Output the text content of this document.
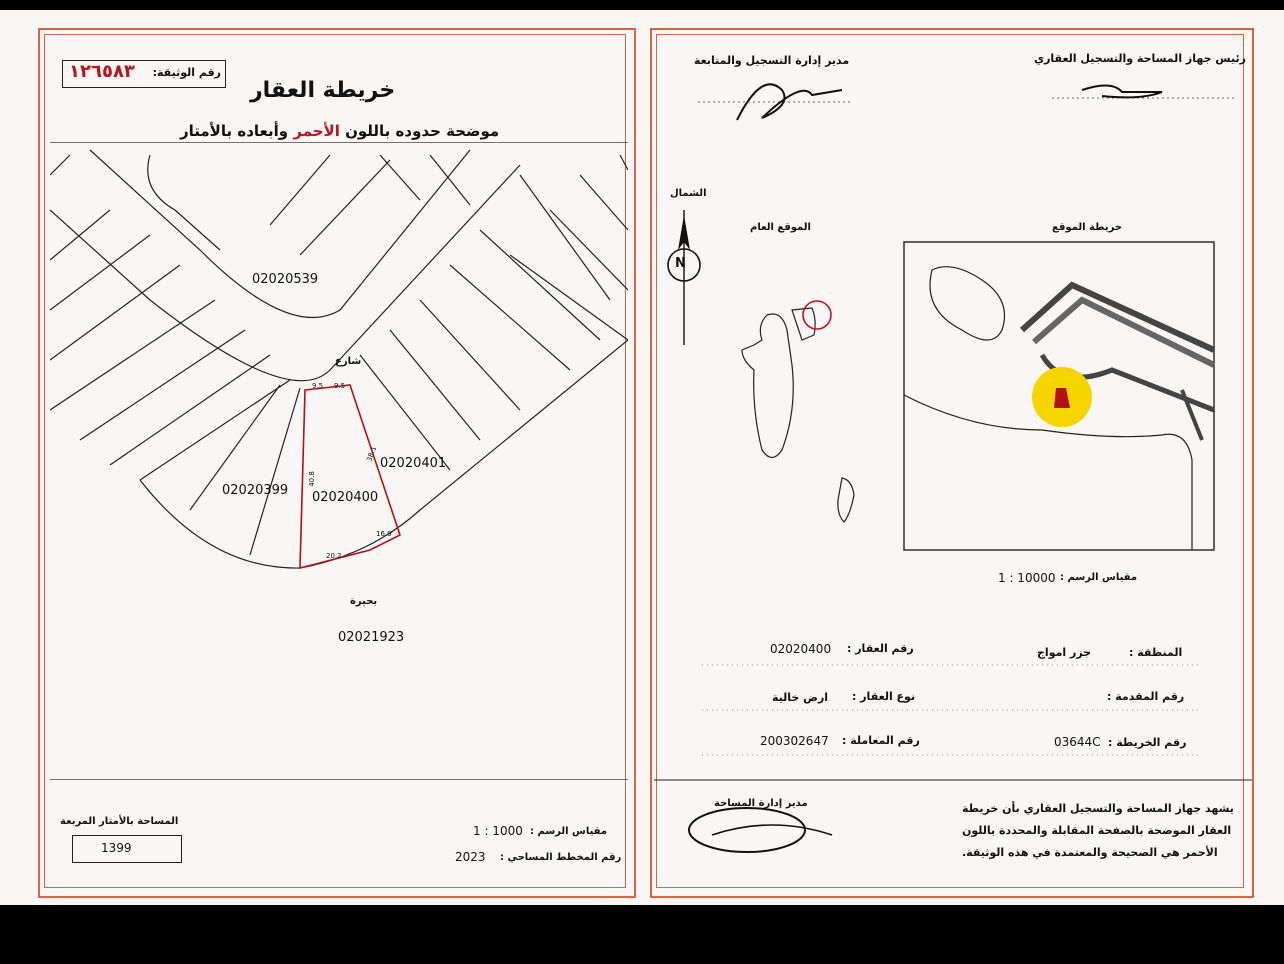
رقم الوثيقة:
١٢٦٥٨٣
خريطة العقار
موضحة حدوده باللون الأحمر وأبعاده بالأمتار
شارع
02020539
02020401
02020399 02020400
9.5 9.5
40.8
38.1
20.2
16.9
بحيرة
02021923
المساحة بالأمتار المربعة
1399
مقياس الرسم :
1 : 1000
رقم المخطط المساحي :
2023
مدير إدارة التسجيل والمتابعة	رئيس جهاز المساحة والتسجيل العقاري
N
الشمال
الموقع العام	خريطة الموقع
مقياس الرسم :
1 : 10000
المنطقة :
جزر امواج
رقم العقار :
02020400
رقم المقدمة :
نوع العقار :
ارض خالية
رقم الخريطة :
03644C
رقم المعاملة :
200302647
مدير إدارة المساحة	يشهد جهاز المساحة والتسجيل العقاري بأن خريطة
العقار الموضحة بالصفحة المقابلة والمحددة باللون
الأحمر هي الصحيحة والمعتمدة في هذه الوثيقة.
